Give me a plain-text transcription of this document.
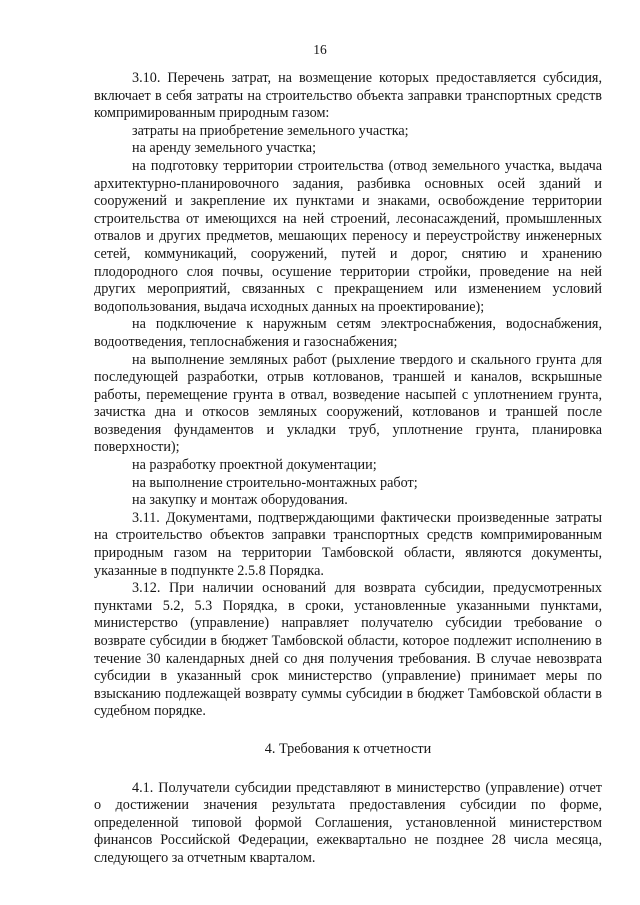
16

3.10. Перечень затрат, на возмещение которых предоставляется субсидия, включает в себя затраты на строительство объекта заправки транспортных средств компримированным природным газом:

затраты на приобретение земельного участка;

на аренду земельного участка;

на подготовку территории строительства (отвод земельного участка, выдача архитектурно-планировочного задания, разбивка основных осей зданий и сооружений и закрепление их пунктами и знаками, освобождение территории строительства от имеющихся на ней строений, лесонасаждений, промышленных отвалов и других предметов, мешающих переносу и переустройству инженерных сетей, коммуникаций, сооружений, путей и дорог, снятию и хранению плодородного слоя почвы, осушение территории стройки, проведение на ней других мероприятий, связанных с прекращением или изменением условий водопользования, выдача исходных данных на проектирование);

на подключение к наружным сетям электроснабжения, водоснабжения, водоотведения, теплоснабжения и газоснабжения;

на выполнение земляных работ (рыхление твердого и скального грунта для последующей разработки, отрыв котлованов, траншей и каналов, вскрышные работы, перемещение грунта в отвал, возведение насыпей с уплотнением грунта, зачистка дна и откосов земляных сооружений, котлованов и траншей после возведения фундаментов и укладки труб, уплотнение грунта, планировка поверхности);

на разработку проектной документации;

на выполнение строительно-монтажных работ;

на закупку и монтаж оборудования.

3.11. Документами, подтверждающими фактически произведенные затраты на строительство объектов заправки транспортных средств компримированным природным газом на территории Тамбовской области, являются документы, указанные в подпункте 2.5.8 Порядка.

3.12. При наличии оснований для возврата субсидии, предусмотренных пунктами 5.2, 5.3 Порядка, в сроки, установленные указанными пунктами, министерство (управление) направляет получателю субсидии требование о возврате субсидии в бюджет Тамбовской области, которое подлежит исполнению в течение 30 календарных дней со дня получения требования. В случае невозврата субсидии в указанный срок министерство (управление) принимает меры по взысканию подлежащей возврату суммы субсидии в бюджет Тамбовской области в судебном порядке.

4. Требования к отчетности

4.1. Получатели субсидии представляют в министерство (управление) отчет о достижении значения результата предоставления субсидии по форме, определенной типовой формой Соглашения, установленной министерством финансов Российской Федерации, ежеквартально не позднее 28 числа месяца, следующего за отчетным кварталом.
